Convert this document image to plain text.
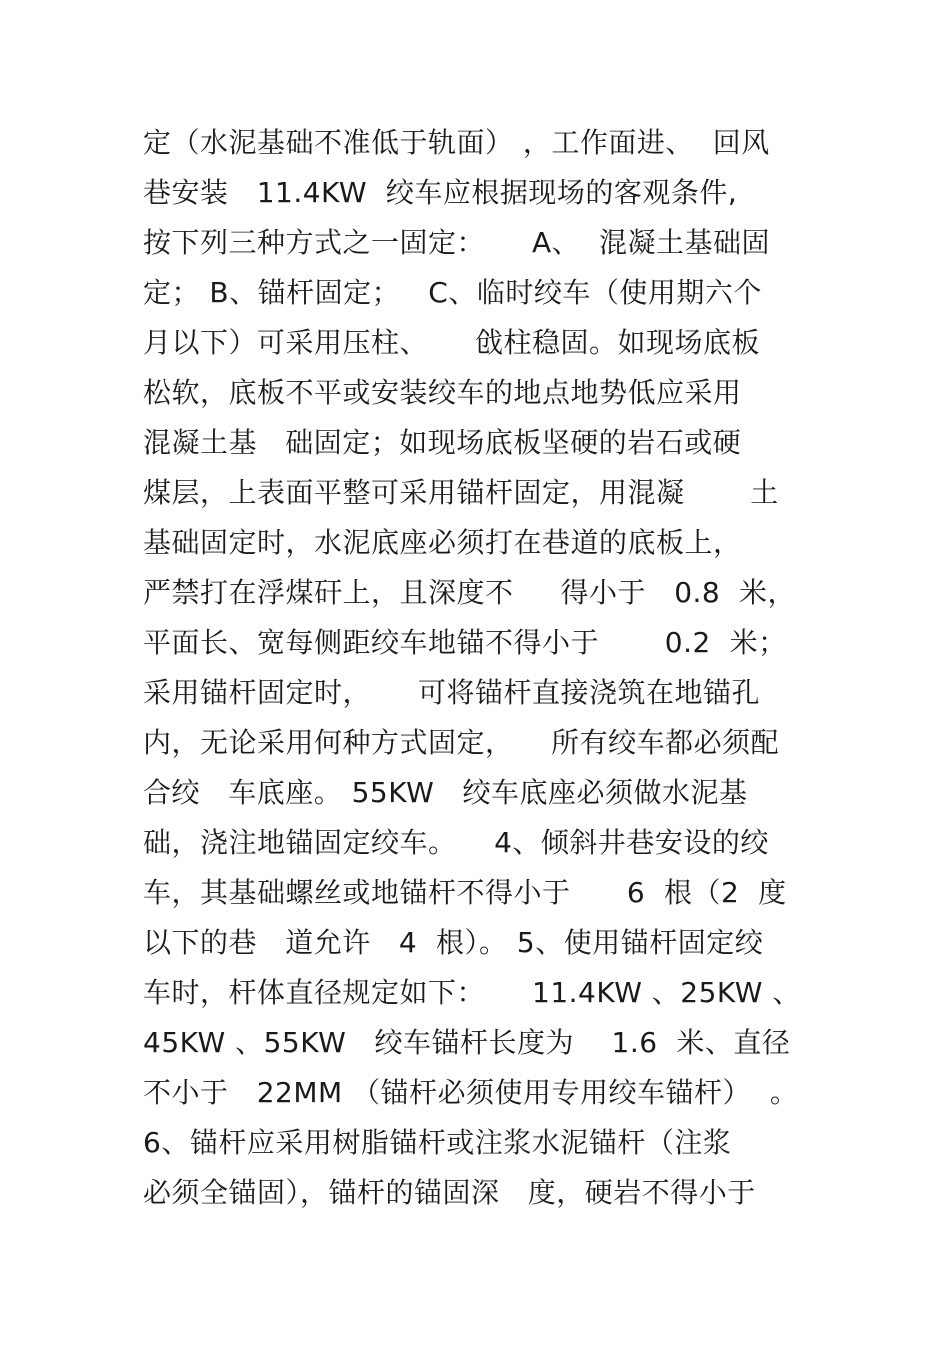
定（水泥基础不准低于轨面） ，工作面进、  回风
巷安装   11.4KW  绞车应根据现场的客观条件,
按下列三种方式之一固定：     A、  混凝土基础固
定； B、锚杆固定；   C、临时绞车（使用期六个
月以下）可采用压柱、     戗柱稳固。如现场底板
松软，底板不平或安装绞车的地点地势低应采用
混凝土基   础固定；如现场底板坚硬的岩石或硬
煤层，上表面平整可采用锚杆固定，用混凝       土
基础固定时，水泥底座必须打在巷道的底板上，
严禁打在浮煤矸上，且深度不     得小于   0.8  米，
平面长、宽每侧距绞车地锚不得小于       0.2  米；
采用锚杆固定时，     可将锚杆直接浇筑在地锚孔
内，无论采用何种方式固定，    所有绞车都必须配
合绞   车底座。 55KW   绞车底座必须做水泥基
础，浇注地锚固定绞车。    4、倾斜井巷安设的绞
车，其基础螺丝或地锚杆不得小于      6  根（2  度
以下的巷   道允许   4  根）。 5、使用锚杆固定绞
车时，杆体直径规定如下：     11.4KW 、25KW 、
45KW 、55KW   绞车锚杆长度为    1.6  米、直径
不小于   22MM （锚杆必须使用专用绞车锚杆）  。
6、锚杆应采用树脂锚杆或注浆水泥锚杆（注浆
必须全锚固），锚杆的锚固深   度，硬岩不得小于
